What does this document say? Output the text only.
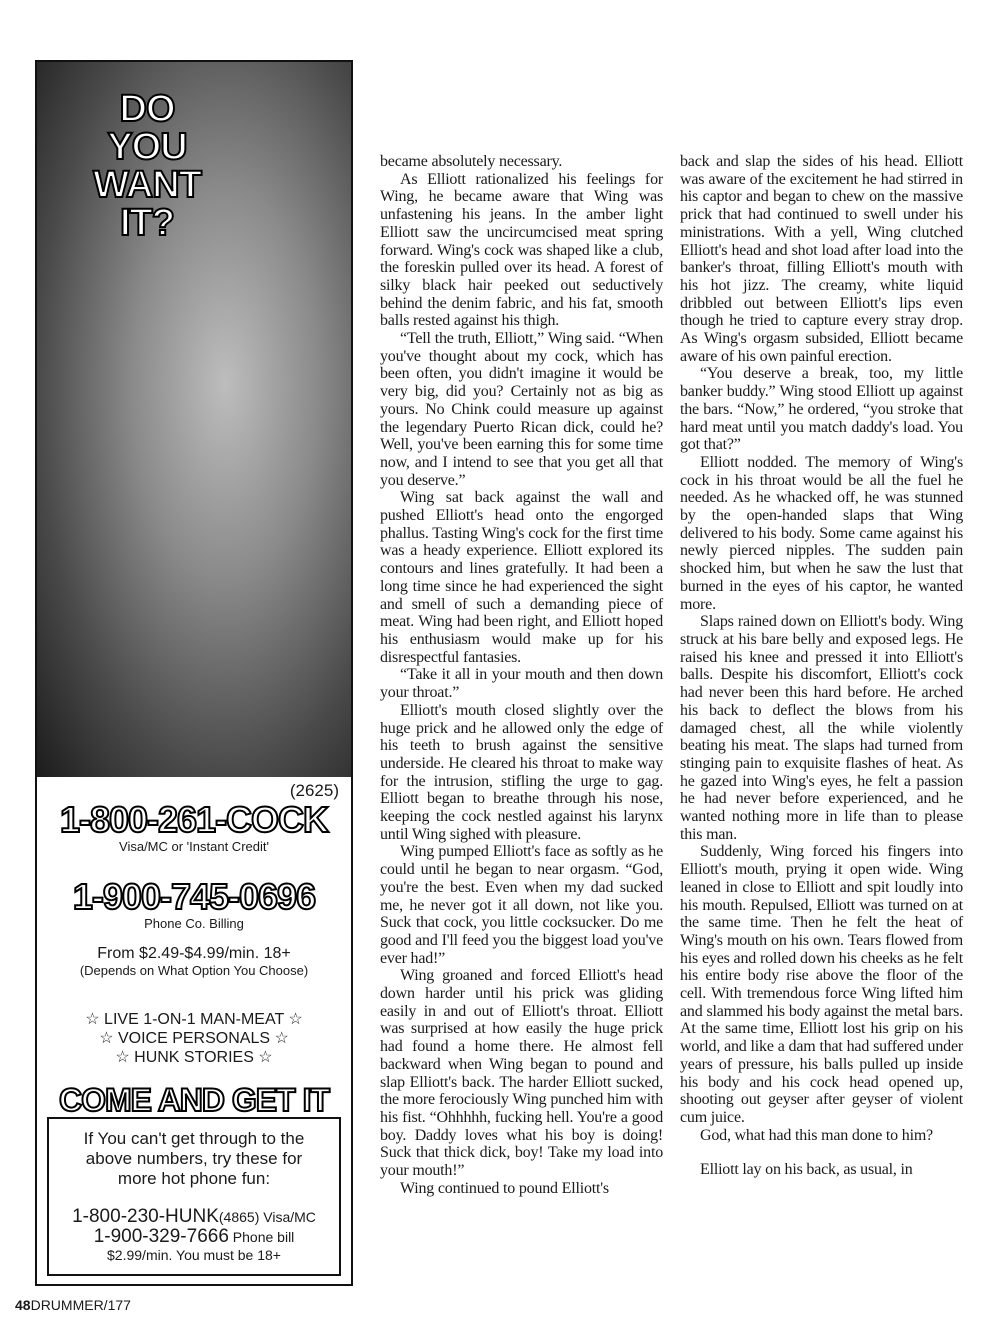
DO
YOU
WANT
IT?
(2625)
1-800-261-COCK
Visa/MC or 'Instant Credit'
1-900-745-0696
Phone Co. Billing
From $2.49-$4.99/min. 18+
(Depends on What Option You Choose)
☆ LIVE 1-ON-1 MAN-MEAT ☆
☆ VOICE PERSONALS ☆
☆ HUNK STORIES ☆
COME AND GET IT
If You can't get through to the above numbers, try these for more hot phone fun:
1-800-230-HUNK(4865) Visa/MC
1-900-329-7666 Phone bill
$2.99/min. You must be 18+

became absolutely necessary.

As Elliott rationalized his feelings for Wing, he became aware that Wing was unfastening his jeans. In the amber light Elliott saw the uncircumcised meat spring forward. Wing's cock was shaped like a club, the foreskin pulled over its head. A forest of silky black hair peeked out seductively behind the denim fabric, and his fat, smooth balls rested against his thigh.

“Tell the truth, Elliott,” Wing said. “When you've thought about my cock, which has been often, you didn't imagine it would be very big, did you? Certainly not as big as yours. No Chink could measure up against the legendary Puerto Rican dick, could he? Well, you've been earning this for some time now, and I intend to see that you get all that you deserve.”

Wing sat back against the wall and pushed Elliott's head onto the engorged phallus. Tasting Wing's cock for the first time was a heady experience. Elliott explored its contours and lines gratefully. It had been a long time since he had experienced the sight and smell of such a demanding piece of meat. Wing had been right, and Elliott hoped his enthusiasm would make up for his disrespectful fantasies.

“Take it all in your mouth and then down your throat.”

Elliott's mouth closed slightly over the huge prick and he allowed only the edge of his teeth to brush against the sensitive underside. He cleared his throat to make way for the intrusion, stifling the urge to gag. Elliott began to breathe through his nose, keeping the cock nestled against his larynx until Wing sighed with pleasure.

Wing pumped Elliott's face as softly as he could until he began to near orgasm. “God, you're the best. Even when my dad sucked me, he never got it all down, not like you. Suck that cock, you little cocksucker. Do me good and I'll feed you the biggest load you've ever had!”

Wing groaned and forced Elliott's head down harder until his prick was gliding easily in and out of Elliott's throat. Elliott was surprised at how easily the huge prick had found a home there. He almost fell backward when Wing began to pound and slap Elliott's back. The harder Elliott sucked, the more ferociously Wing punched him with his fist. “Ohhhhh, fucking hell. You're a good boy. Daddy loves what his boy is doing! Suck that thick dick, boy! Take my load into your mouth!”

Wing continued to pound Elliott's

back and slap the sides of his head. Elliott was aware of the excitement he had stirred in his captor and began to chew on the massive prick that had continued to swell under his ministrations. With a yell, Wing clutched Elliott's head and shot load after load into the banker's throat, filling Elliott's mouth with his hot jizz. The creamy, white liquid dribbled out between Elliott's lips even though he tried to capture every stray drop. As Wing's orgasm subsided, Elliott became aware of his own painful erection.

“You deserve a break, too, my little banker buddy.” Wing stood Elliott up against the bars. “Now,” he ordered, “you stroke that hard meat until you match daddy's load. You got that?”

Elliott nodded. The memory of Wing's cock in his throat would be all the fuel he needed. As he whacked off, he was stunned by the open-handed slaps that Wing delivered to his body. Some came against his newly pierced nipples. The sudden pain shocked him, but when he saw the lust that burned in the eyes of his captor, he wanted more.

Slaps rained down on Elliott's body. Wing struck at his bare belly and exposed legs. He raised his knee and pressed it into Elliott's balls. Despite his discomfort, Elliott's cock had never been this hard before. He arched his back to deflect the blows from his damaged chest, all the while violently beating his meat. The slaps had turned from stinging pain to exquisite flashes of heat. As he gazed into Wing's eyes, he felt a passion he had never before experienced, and he wanted nothing more in life than to please this man.

Suddenly, Wing forced his fingers into Elliott's mouth, prying it open wide. Wing leaned in close to Elliott and spit loudly into his mouth. Repulsed, Elliott was turned on at the same time. Then he felt the heat of Wing's mouth on his own. Tears flowed from his eyes and rolled down his cheeks as he felt his entire body rise above the floor of the cell. With tremendous force Wing lifted him and slammed his body against the metal bars. At the same time, Elliott lost his grip on his world, and like a dam that had suffered under years of pressure, his balls pulled up inside his body and his cock head opened up, shooting out geyser after geyser of violent cum juice.

God, what had this man done to him?

Elliott lay on his back, as usual, in

48DRUMMER/177
